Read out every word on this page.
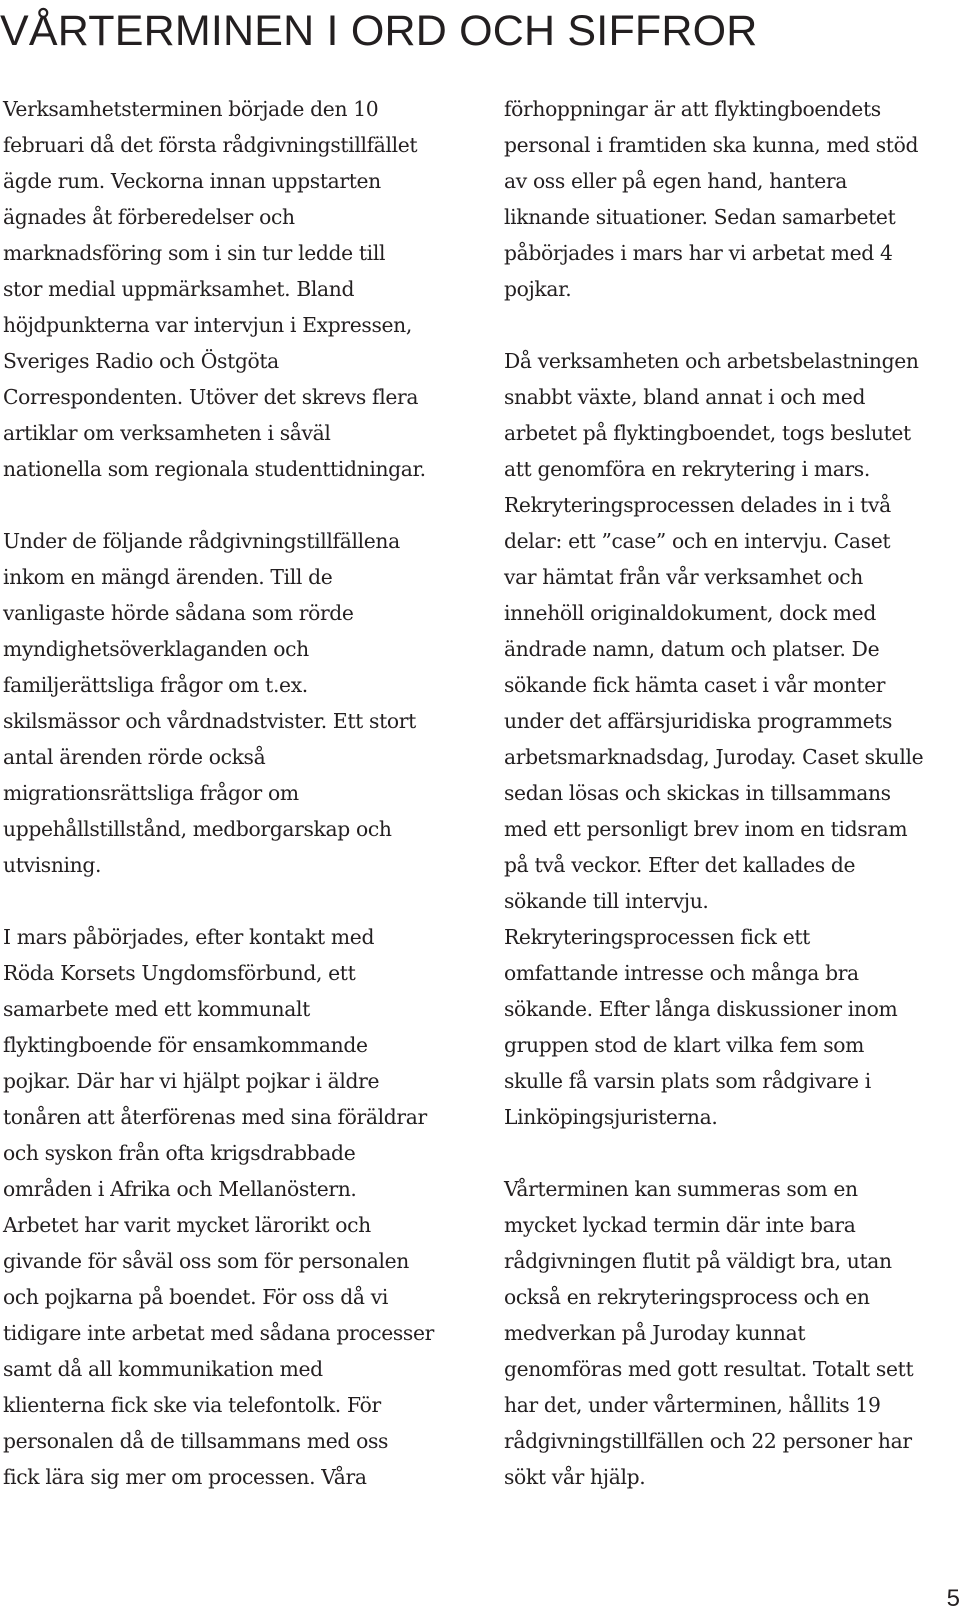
VÅRTERMINEN I ORD OCH SIFFROR

Verksamhetsterminen började den 10
februari då det första rådgivningstillfället
ägde rum. Veckorna innan uppstarten
ägnades åt förberedelser och
marknadsföring som i sin tur ledde till
stor medial uppmärksamhet. Bland
höjdpunkterna var intervjun i Expressen,
Sveriges Radio och Östgöta
Correspondenten. Utöver det skrevs flera
artiklar om verksamheten i såväl
nationella som regionala studenttidningar.

Under de följande rådgivningstillfällena
inkom en mängd ärenden. Till de
vanligaste hörde sådana som rörde
myndighetsöverklaganden och
familjerättsliga frågor om t.ex.
skilsmässor och vårdnadstvister. Ett stort
antal ärenden rörde också
migrationsrättsliga frågor om
uppehållstillstånd, medborgarskap och
utvisning.

I mars påbörjades, efter kontakt med
Röda Korsets Ungdomsförbund, ett
samarbete med ett kommunalt
flyktingboende för ensamkommande
pojkar. Där har vi hjälpt pojkar i äldre
tonåren att återförenas med sina föräldrar
och syskon från ofta krigsdrabbade
områden i Afrika och Mellanöstern.
Arbetet har varit mycket lärorikt och
givande för såväl oss som för personalen
och pojkarna på boendet. För oss då vi
tidigare inte arbetat med sådana processer
samt då all kommunikation med
klienterna fick ske via telefontolk. För
personalen då de tillsammans med oss
fick lära sig mer om processen. Våra

förhoppningar är att flyktingboendets
personal i framtiden ska kunna, med stöd
av oss eller på egen hand, hantera
liknande situationer. Sedan samarbetet
påbörjades i mars har vi arbetat med 4
pojkar.

Då verksamheten och arbetsbelastningen
snabbt växte, bland annat i och med
arbetet på flyktingboendet, togs beslutet
att genomföra en rekrytering i mars.
Rekryteringsprocessen delades in i två
delar: ett ”case” och en intervju. Caset
var hämtat från vår verksamhet och
innehöll originaldokument, dock med
ändrade namn, datum och platser. De
sökande fick hämta caset i vår monter
under det affärsjuridiska programmets
arbetsmarknadsdag, Juroday. Caset skulle
sedan lösas och skickas in tillsammans
med ett personligt brev inom en tidsram
på två veckor. Efter det kallades de
sökande till intervju.
Rekryteringsprocessen fick ett
omfattande intresse och många bra
sökande. Efter långa diskussioner inom
gruppen stod de klart vilka fem som
skulle få varsin plats som rådgivare i
Linköpingsjuristerna.

Vårterminen kan summeras som en
mycket lyckad termin där inte bara
rådgivningen flutit på väldigt bra, utan
också en rekryteringsprocess och en
medverkan på Juroday kunnat
genomföras med gott resultat. Totalt sett
har det, under vårterminen, hållits 19
rådgivningstillfällen och 22 personer har
sökt vår hjälp.

5
